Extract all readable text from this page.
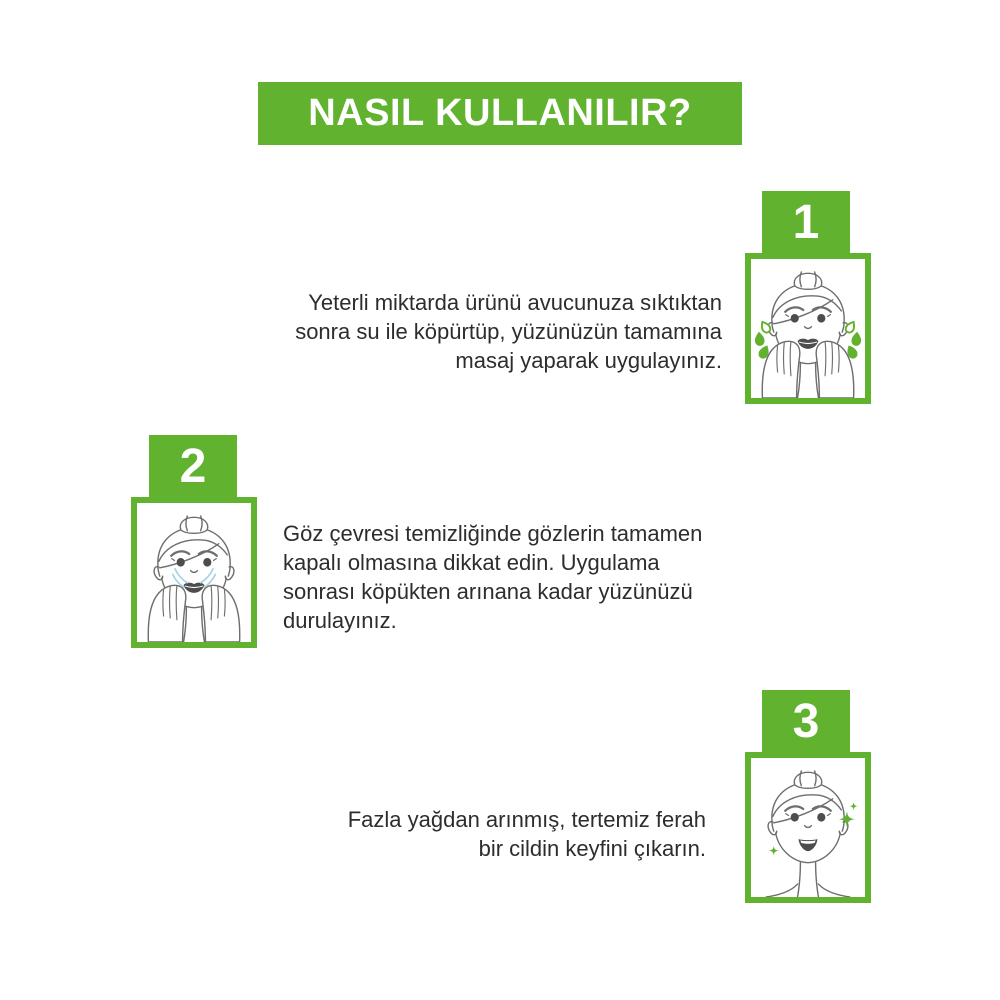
NASIL KULLANILIR?
1
Yeterli miktarda ürünü avucunuza sıktıktan
sonra su ile köpürtüp, yüzünüzün tamamına
masaj yaparak uygulayınız.
2
Göz çevresi temizliğinde gözlerin tamamen
kapalı olmasına dikkat edin. Uygulama
sonrası köpükten arınana kadar yüzünüzü
durulayınız.
3
Fazla yağdan arınmış, tertemiz ferah
bir cildin keyfini çıkarın.
